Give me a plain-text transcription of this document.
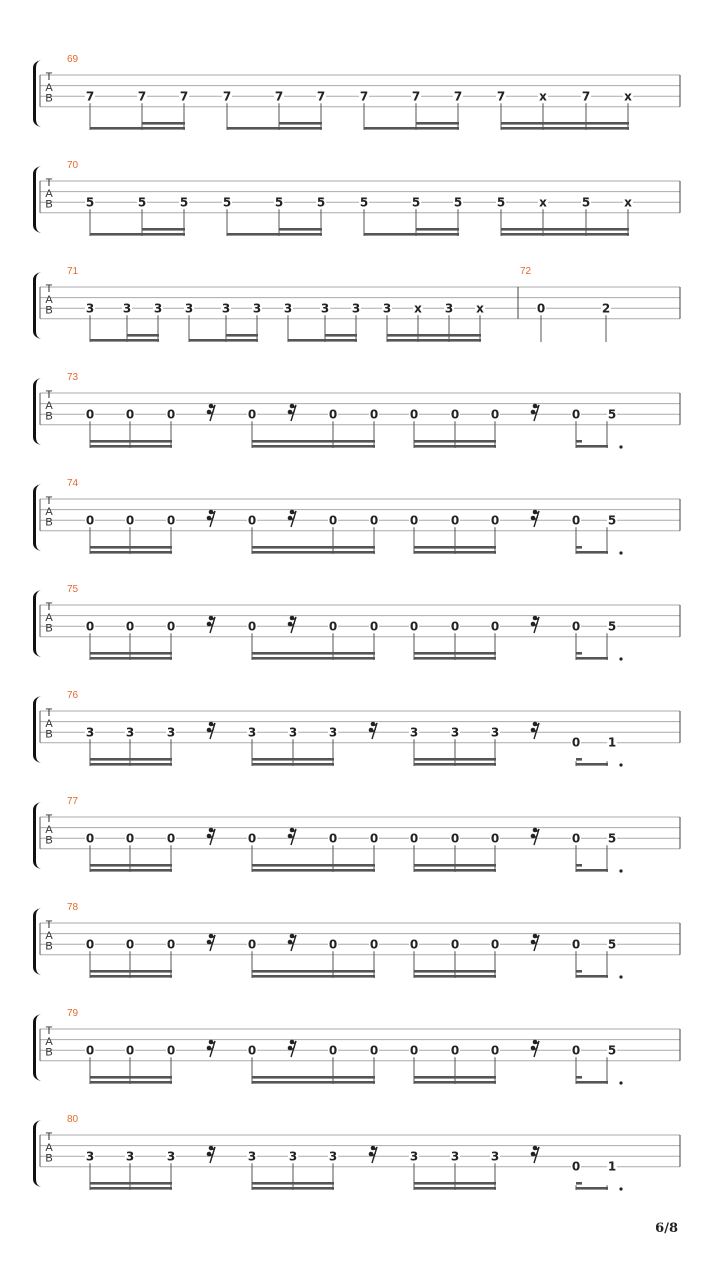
T
A
B
69
7	7	7	7	7	7	7	7	7	7	x	7	x
T
A
B
70
5	5	5	5	5	5	5	5	5	5	x	5	x
T
A
B
71
3 3 3 3 3 3 3 3 3 3 x 3 x
72
0	2
T
A
B
73
0	0	0	0	0	0	0	0	0	0 5
T
A
B
74
0	0	0	0	0	0	0	0	0	0 5
T
A
B
75
0	0	0	0	0	0	0	0	0	0 5
T
A
B
76
3	3	3	3	3	3	3	3	3
0 1
T
A
B
77
0	0	0	0	0	0	0	0	0	0 5
T
A
B
78
0	0	0	0	0	0	0	0	0	0 5
T
A
B
79
0	0	0	0	0	0	0	0	0	0 5
T
A
B
80
3	3	3	3	3	3	3	3	3
0 1
6/8
